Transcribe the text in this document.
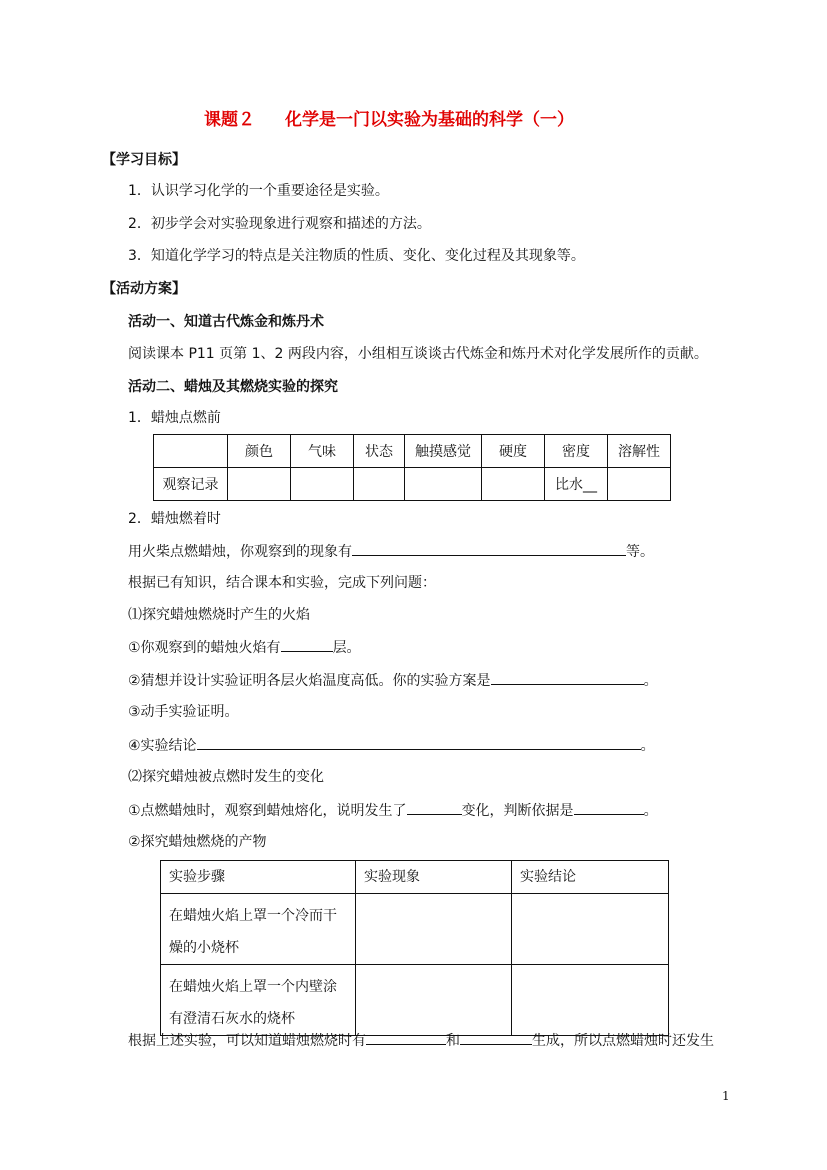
课题２ 化学是一门以实验为基础的科学（一）
【学习目标】
1．认识学习化学的一个重要途径是实验。
2．初步学会对实验现象进行观察和描述的方法。
3．知道化学学习的特点是关注物质的性质、变化、变化过程及其现象等。
【活动方案】
活动一、知道古代炼金和炼丹术
阅读课本 P11 页第 1、2 两段内容，小组相互谈谈古代炼金和炼丹术对化学发展所作的贡献。
活动二、蜡烛及其燃烧实验的探究
1．蜡烛点燃前
	颜色	气味	状态	触摸感觉	硬度	密度	溶解性
观察记录						比水__	
2．蜡烛燃着时
用火柴点燃蜡烛，你观察到的现象有	等。
根据已有知识，结合课本和实验，完成下列问题：
⑴探究蜡烛燃烧时产生的火焰
①你观察到的蜡烛火焰有	层。
②猜想并设计实验证明各层火焰温度高低。你的实验方案是	。
③动手实验证明。
④实验结论	。
⑵探究蜡烛被点燃时发生的变化
①点燃蜡烛时，观察到蜡烛熔化，说明发生了	变化，判断依据是	。
②探究蜡烛燃烧的产物
实验步骤	实验现象	实验结论
在蜡烛火焰上罩一个冷而干燥的小烧杯		
在蜡烛火焰上罩一个内壁涂有澄清石灰水的烧杯		
根据上述实验，可以知道蜡烛燃烧时有	和	生成，所以点燃蜡烛时还发生
1
